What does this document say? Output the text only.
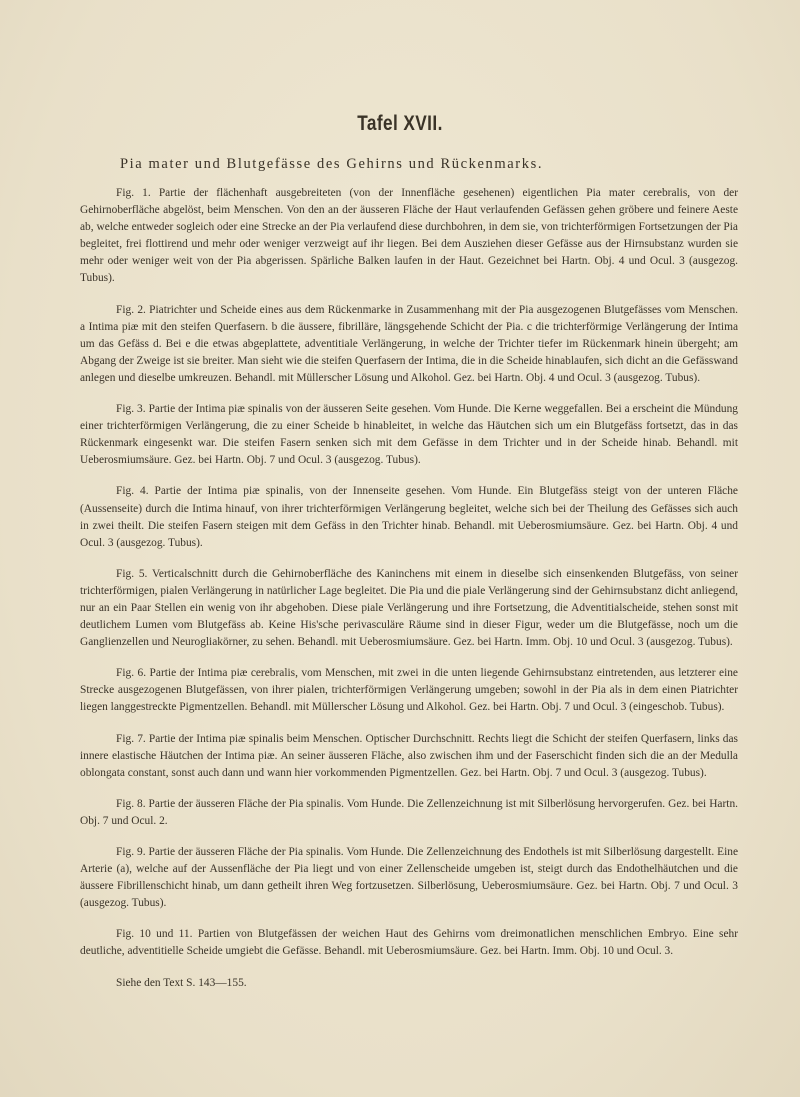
Tafel XVII.
Pia mater und Blutgefässe des Gehirns und Rückenmarks.

Fig. 1. Partie der flächenhaft ausgebreiteten (von der Innenfläche gesehenen) eigentlichen Pia mater cerebralis, von der Gehirnoberfläche abgelöst, beim Menschen. Von den an der äusseren Fläche der Haut verlaufenden Gefässen gehen gröbere und feinere Aeste ab, welche entweder sogleich oder eine Strecke an der Pia verlaufend diese durchbohren, in dem sie, von trichterförmigen Fortsetzungen der Pia begleitet, frei flottirend und mehr oder weniger verzweigt auf ihr liegen. Bei dem Ausziehen dieser Gefässe aus der Hirnsubstanz wurden sie mehr oder weniger weit von der Pia abgerissen. Spärliche Balken laufen in der Haut. Gezeichnet bei Hartn. Obj. 4 und Ocul. 3 (ausgezog. Tubus).

Fig. 2. Piatrichter und Scheide eines aus dem Rückenmarke in Zusammenhang mit der Pia ausgezogenen Blutgefässes vom Menschen. a Intima piæ mit den steifen Querfasern. b die äussere, fibrilläre, längsgehende Schicht der Pia. c die trichterförmige Verlängerung der Intima um das Gefäss d. Bei e die etwas abgeplattete, adventitiale Verlängerung, in welche der Trichter tiefer im Rückenmark hinein übergeht; am Abgang der Zweige ist sie breiter. Man sieht wie die steifen Querfasern der Intima, die in die Scheide hinablaufen, sich dicht an die Gefässwand anlegen und dieselbe umkreuzen. Behandl. mit Müllerscher Lösung und Alkohol. Gez. bei Hartn. Obj. 4 und Ocul. 3 (ausgezog. Tubus).

Fig. 3. Partie der Intima piæ spinalis von der äusseren Seite gesehen. Vom Hunde. Die Kerne weggefallen. Bei a erscheint die Mündung einer trichterförmigen Verlängerung, die zu einer Scheide b hinableitet, in welche das Häutchen sich um ein Blutgefäss fortsetzt, das in das Rückenmark eingesenkt war. Die steifen Fasern senken sich mit dem Gefässe in dem Trichter und in der Scheide hinab. Behandl. mit Ueberosmiumsäure. Gez. bei Hartn. Obj. 7 und Ocul. 3 (ausgezog. Tubus).

Fig. 4. Partie der Intima piæ spinalis, von der Innenseite gesehen. Vom Hunde. Ein Blutgefäss steigt von der unteren Fläche (Aussenseite) durch die Intima hinauf, von ihrer trichterförmigen Verlängerung begleitet, welche sich bei der Theilung des Gefässes sich auch in zwei theilt. Die steifen Fasern steigen mit dem Gefäss in den Trichter hinab. Behandl. mit Ueberosmiumsäure. Gez. bei Hartn. Obj. 4 und Ocul. 3 (ausgezog. Tubus).

Fig. 5. Verticalschnitt durch die Gehirnoberfläche des Kaninchens mit einem in dieselbe sich einsenkenden Blutgefäss, von seiner trichterförmigen, pialen Verlängerung in natürlicher Lage begleitet. Die Pia und die piale Verlängerung sind der Gehirnsubstanz dicht anliegend, nur an ein Paar Stellen ein wenig von ihr abgehoben. Diese piale Verlängerung und ihre Fortsetzung, die Adventitialscheide, stehen sonst mit deutlichem Lumen vom Blutgefäss ab. Keine His'sche perivasculäre Räume sind in dieser Figur, weder um die Blutgefässe, noch um die Ganglienzellen und Neurogliakörner, zu sehen. Behandl. mit Ueberosmiumsäure. Gez. bei Hartn. Imm. Obj. 10 und Ocul. 3 (ausgezog. Tubus).

Fig. 6. Partie der Intima piæ cerebralis, vom Menschen, mit zwei in die unten liegende Gehirnsubstanz eintretenden, aus letzterer eine Strecke ausgezogenen Blutgefässen, von ihrer pialen, trichterförmigen Verlängerung umgeben; sowohl in der Pia als in dem einen Piatrichter liegen langgestreckte Pigmentzellen. Behandl. mit Müllerscher Lösung und Alkohol. Gez. bei Hartn. Obj. 7 und Ocul. 3 (eingeschob. Tubus).

Fig. 7. Partie der Intima piæ spinalis beim Menschen. Optischer Durchschnitt. Rechts liegt die Schicht der steifen Querfasern, links das innere elastische Häutchen der Intima piæ. An seiner äusseren Fläche, also zwischen ihm und der Faserschicht finden sich die an der Medulla oblongata constant, sonst auch dann und wann hier vorkommenden Pigmentzellen. Gez. bei Hartn. Obj. 7 und Ocul. 3 (ausgezog. Tubus).

Fig. 8. Partie der äusseren Fläche der Pia spinalis. Vom Hunde. Die Zellenzeichnung ist mit Silberlösung hervorgerufen. Gez. bei Hartn. Obj. 7 und Ocul. 2.

Fig. 9. Partie der äusseren Fläche der Pia spinalis. Vom Hunde. Die Zellenzeichnung des Endothels ist mit Silberlösung dargestellt. Eine Arterie (a), welche auf der Aussenfläche der Pia liegt und von einer Zellenscheide umgeben ist, steigt durch das Endothelhäutchen und die äussere Fibrillenschicht hinab, um dann getheilt ihren Weg fortzusetzen. Silberlösung, Ueberosmiumsäure. Gez. bei Hartn. Obj. 7 und Ocul. 3 (ausgezog. Tubus).

Fig. 10 und 11. Partien von Blutgefässen der weichen Haut des Gehirns vom dreimonatlichen menschlichen Embryo. Eine sehr deutliche, adventitielle Scheide umgiebt die Gefässe. Behandl. mit Ueberosmiumsäure. Gez. bei Hartn. Imm. Obj. 10 und Ocul. 3.

Siehe den Text S. 143—155.
